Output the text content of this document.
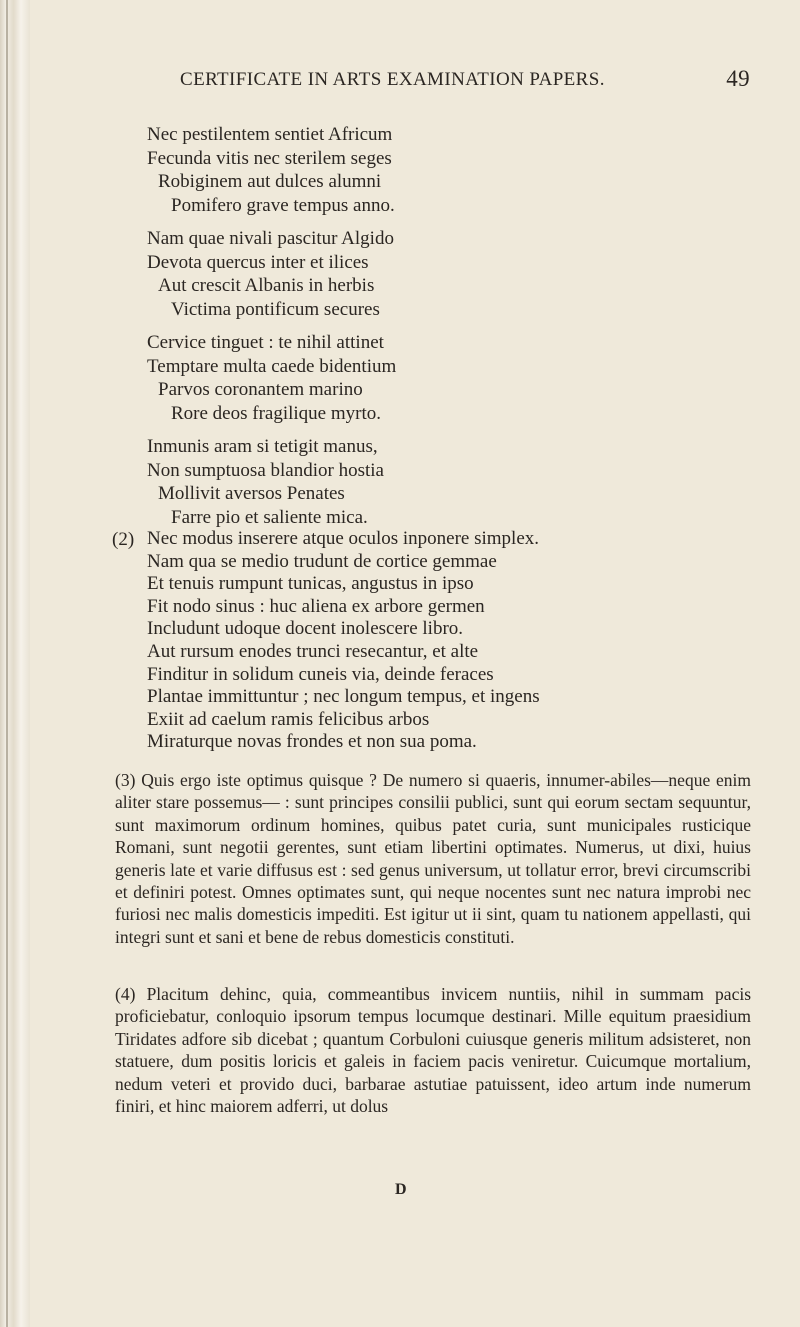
CERTIFICATE IN ARTS EXAMINATION PAPERS.	49
Nec pestilentem sentiet Africum
Fecunda vitis nec sterilem seges
Robiginem aut dulces alumni
Pomifero grave tempus anno.
Nam quae nivali pascitur Algido
Devota quercus inter et ilices
Aut crescit Albanis in herbis
Victima pontificum secures
Cervice tinguet : te nihil attinet
Temptare multa caede bidentium
Parvos coronantem marino
Rore deos fragilique myrto.
Inmunis aram si tetigit manus,
Non sumptuosa blandior hostia
Mollivit aversos Penates
Farre pio et saliente mica.
(2) Nec modus inserere atque oculos inponere simplex.
Nam qua se medio trudunt de cortice gemmae
Et tenuis rumpunt tunicas, angustus in ipso
Fit nodo sinus : huc aliena ex arbore germen
Includunt udoque docent inolescere libro.
Aut rursum enodes trunci resecantur, et alte
Finditur in solidum cuneis via, deinde feraces
Plantae immittuntur ; nec longum tempus, et ingens
Exiit ad caelum ramis felicibus arbos
Miraturque novas frondes et non sua poma.

(3) Quis ergo iste optimus quisque ? De numero si quaeris, innumer-abiles—neque enim aliter stare possemus— : sunt principes consilii publici, sunt qui eorum sectam sequuntur, sunt maximorum ordinum homines, quibus patet curia, sunt municipales rusticique Romani, sunt negotii gerentes, sunt etiam libertini optimates. Numerus, ut dixi, huius generis late et varie diffusus est : sed genus universum, ut tollatur error, brevi circumscribi et definiri potest. Omnes optimates sunt, qui neque nocentes sunt nec natura improbi nec furiosi nec malis domesticis impediti. Est igitur ut ii sint, quam tu nationem appellasti, qui integri sunt et sani et bene de rebus domesticis constituti.

(4) Placitum dehinc, quia, commeantibus invicem nuntiis, nihil in summam pacis proficiebatur, conloquio ipsorum tempus locumque destinari. Mille equitum praesidium Tiridates adfore sib dicebat ; quantum Corbuloni cuiusque generis militum adsisteret, non statuere, dum positis loricis et galeis in faciem pacis veniretur. Cuicumque mortalium, nedum veteri et provido duci, barbarae astutiae patuissent, ideo artum inde numerum finiri, et hinc maiorem adferri, ut dolus

D
